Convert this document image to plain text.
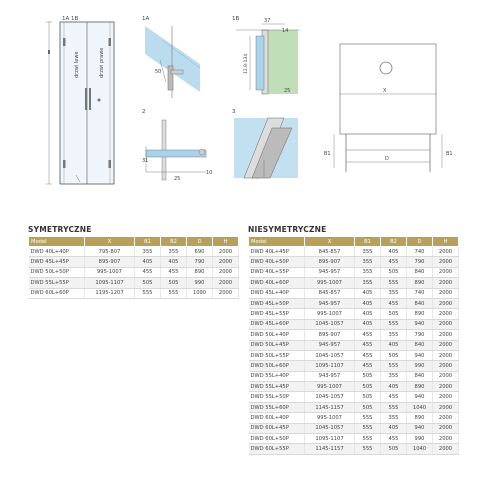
1A 1B
drzwi lewe	drzwi prawe
1A
50
1B
14
37
12.8-134
25
2
31
25
10
3
X
B1	B1
D
SYMETRYCZNE
Model	X	B1	B2	D	H
DWD 40L+40P	795-807	355	355	690	2000
DWD 45L+45P	895-907	405	405	790	2000
DWD 50L+50P	995-1007	455	455	890	2000
DWD 55L+55P	1095-1107	505	505	990	2000
DWD 60L+60P	1195-1207	555	555	1090	2000
NIESYMETRYCZNE
Model	X	B1	B2	D	H
DWD 40L+45P	845-857	355	405	740	2000
DWD 40L+50P	895-907	355	455	790	2000
DWD 40L+55P	945-957	355	505	840	2000
DWD 40L+60P	995-1007	355	555	890	2000
DWD 45L+40P	845-857	405	355	740	2000
DWD 45L+50P	945-957	405	455	840	2000
DWD 45L+55P	995-1007	405	505	890	2000
DWD 45L+60P	1045-1057	405	555	940	2000
DWD 50L+40P	895-907	455	355	790	2000
DWD 50L+45P	945-957	455	405	840	2000
DWD 50L+55P	1045-1057	455	505	940	2000
DWD 50L+60P	1095-1107	455	555	990	2000
DWD 55L+40P	943-957	505	355	840	2000
DWD 55L+45P	995-1007	505	405	890	2000
DWD 55L+50P	1045-1057	505	455	940	2000
DWD 55L+60P	1145-1157	505	555	1040	2000
DWD 60L+40P	995-1007	555	355	890	2000
DWD 60L+45P	1045-1057	555	405	940	2000
DWD 60L+50P	1095-1107	555	455	990	2000
DWD 60L+55P	1145-1157	555	505	1040	2000
